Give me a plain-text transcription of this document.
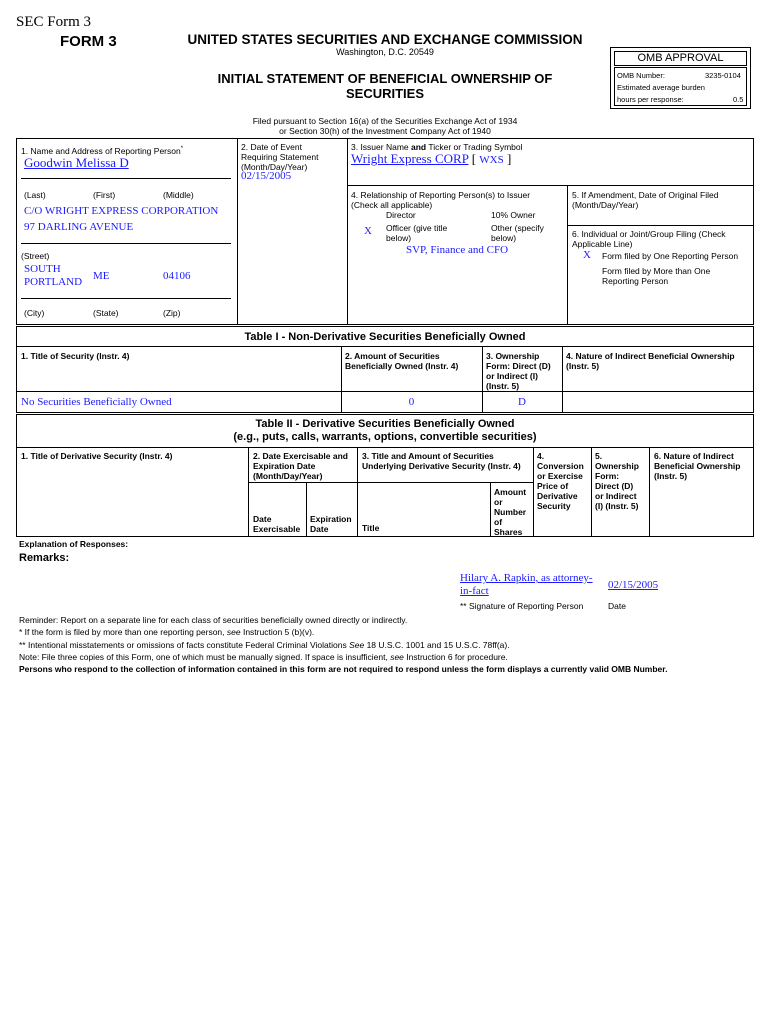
SEC Form 3
FORM 3	UNITED STATES SECURITIES AND EXCHANGE COMMISSION
Washington, D.C. 20549
INITIAL STATEMENT OF BENEFICIAL OWNERSHIP OF SECURITIES
OMB APPROVAL
OMB Number:	3235-0104
Estimated average burden
hours per response:	0.5
Filed pursuant to Section 16(a) of the Securities Exchange Act of 1934
or Section 30(h) of the Investment Company Act of 1940
1. Name and Address of Reporting Person*
Goodwin Melissa D
(Last)	(First)	(Middle)
C/O WRIGHT EXPRESS CORPORATION
97 DARLING AVENUE
(Street)
SOUTH
PORTLAND ME	04106
(City)	(State)	(Zip)
2. Date of Event
Requiring Statement
(Month/Day/Year)
02/15/2005
3. Issuer Name and Ticker or Trading Symbol
Wright Express CORP [ WXS ]
4. Relationship of Reporting Person(s) to Issuer
(Check all applicable)
Director	10% Owner
X Officer (give title
below)
Other (specify
below)
SVP, Finance and CFO
5. If Amendment, Date of Original Filed
(Month/Day/Year)
6. Individual or Joint/Group Filing (Check
Applicable Line)
X Form filed by One Reporting Person
Form filed by More than One
Reporting Person
Table I - Non-Derivative Securities Beneficially Owned
1. Title of Security (Instr. 4)	2. Amount of Securities
Beneficially Owned (Instr. 4)
3. Ownership
Form: Direct (D)
or Indirect (I)
(Instr. 5)
4. Nature of Indirect Beneficial Ownership
(Instr. 5)
No Securities Beneficially Owned	0	D
Table II - Derivative Securities Beneficially Owned
(e.g., puts, calls, warrants, options, convertible securities)
1. Title of Derivative Security (Instr. 4)	2. Date Exercisable and
Expiration Date
(Month/Day/Year)
3. Title and Amount of Securities Underlying Derivative Security (Instr. 4)
4.
Conversion
or Exercise
Price of
Derivative
Security
5.
Ownership
Form:
Direct (D)
or Indirect
(I) (Instr. 5)
6. Nature of Indirect
Beneficial Ownership
(Instr. 5)
Date
Exercisable
Expiration
Date	Title
Amount
or
Number
of
Shares
Explanation of Responses:
Remarks:
Hilary A. Rapkin, as attorney-
in-fact	02/15/2005
** Signature of Reporting Person	Date
Reminder: Report on a separate line for each class of securities beneficially owned directly or indirectly.
* If the form is filed by more than one reporting person, see Instruction 5 (b)(v).
** Intentional misstatements or omissions of facts constitute Federal Criminal Violations See 18 U.S.C. 1001 and 15 U.S.C. 78ff(a).
Note: File three copies of this Form, one of which must be manually signed. If space is insufficient, see Instruction 6 for procedure.
Persons who respond to the collection of information contained in this form are not required to respond unless the form displays a currently valid OMB Number.
